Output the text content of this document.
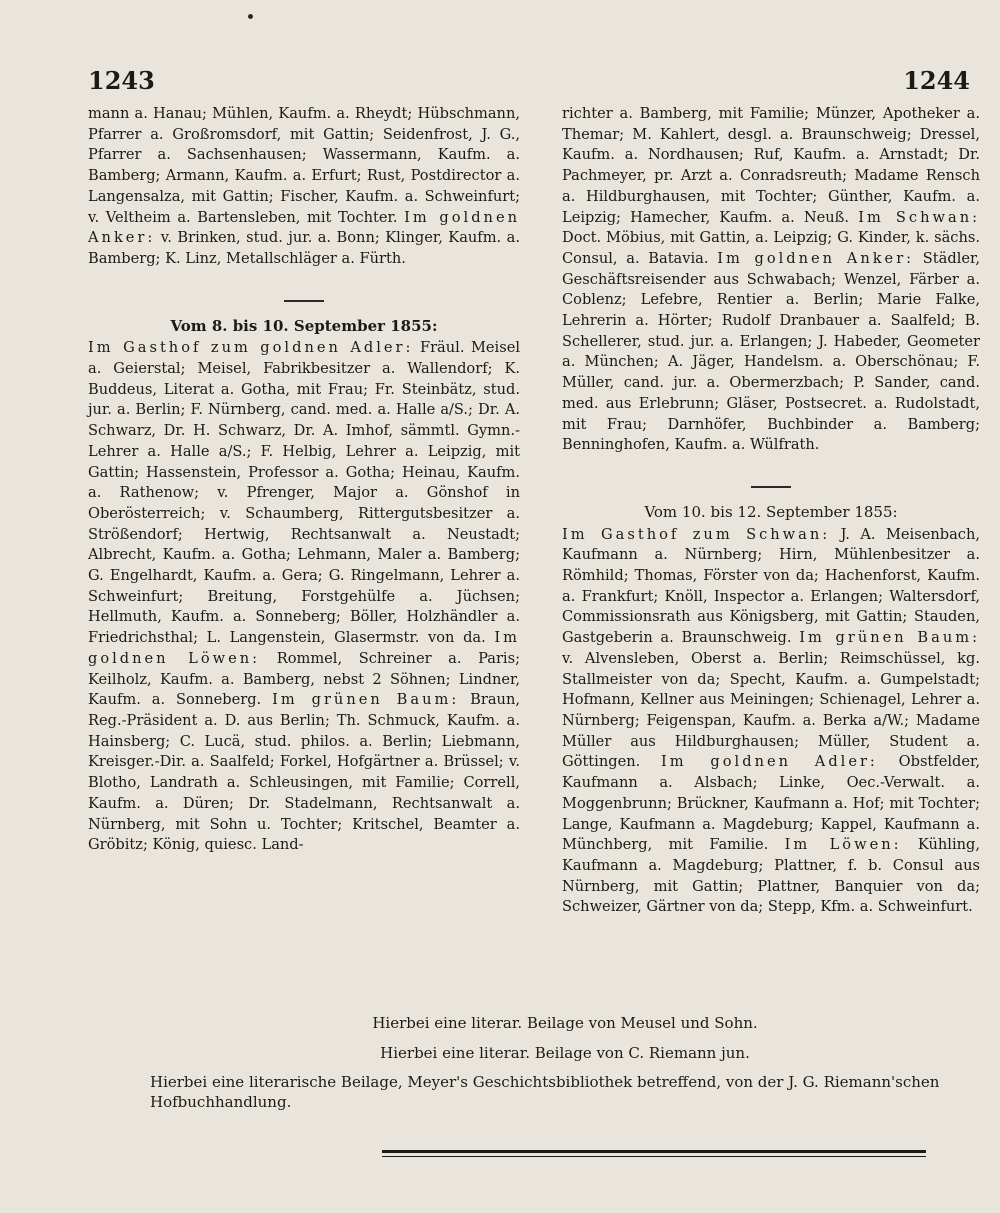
1243	1244

mann a. Hanau; Mühlen, Kaufm. a. Rheydt; Hübschmann, Pfarrer a. Großromsdorf, mit Gattin; Seidenfrost, J. G., Pfarrer a. Sachsenhausen; Wassermann, Kaufm. a. Bamberg; Armann, Kaufm. a. Erfurt; Rust, Postdirector a. Langensalza, mit Gattin; Fischer, Kaufm. a. Schweinfurt; v. Veltheim a. Bartensleben, mit Tochter. Im goldnen Anker: v. Brinken, stud. jur. a. Bonn; Klinger, Kaufm. a. Bamberg; K. Linz, Metallschläger a. Fürth.

Vom 8. bis 10. September 1855:

Im Gasthof zum goldnen Adler: Fräul. Meisel a. Geierstal; Meisel, Fabrikbesitzer a. Wallendorf; K. Buddeus, Literat a. Gotha, mit Frau; Fr. Steinbätz, stud. jur. a. Berlin; F. Nürnberg, cand. med. a. Halle a/S.; Dr. A. Schwarz, Dr. H. Schwarz, Dr. A. Imhof, sämmtl. Gymn.-Lehrer a. Halle a/S.; F. Helbig, Lehrer a. Leipzig, mit Gattin; Hassenstein, Professor a. Gotha; Heinau, Kaufm. a. Rathenow; v. Pfrenger, Major a. Gönshof in Oberösterreich; v. Schaumberg, Rittergutsbesitzer a. Strößendorf; Hertwig, Rechtsanwalt a. Neustadt; Albrecht, Kaufm. a. Gotha; Lehmann, Maler a. Bamberg; G. Engelhardt, Kaufm. a. Gera; G. Ringelmann, Lehrer a. Schweinfurt; Breitung, Forstgehülfe a. Jüchsen; Hellmuth, Kaufm. a. Sonneberg; Böller, Holzhändler a. Friedrichsthal; L. Langenstein, Glasermstr. von da. Im goldnen Löwen: Rommel, Schreiner a. Paris; Keilholz, Kaufm. a. Bamberg, nebst 2 Söhnen; Lindner, Kaufm. a. Sonneberg. Im grünen Baum: Braun, Reg.-Präsident a. D. aus Berlin; Th. Schmuck, Kaufm. a. Hainsberg; C. Lucä, stud. philos. a. Berlin; Liebmann, Kreisger.-Dir. a. Saalfeld; Forkel, Hofgärtner a. Brüssel; v. Blotho, Landrath a. Schleusingen, mit Familie; Correll, Kaufm. a. Düren; Dr. Stadelmann, Rechtsanwalt a. Nürnberg, mit Sohn u. Tochter; Kritschel, Beamter a. Gröbitz; König, quiesc. Land-

richter a. Bamberg, mit Familie; Münzer, Apotheker a. Themar; M. Kahlert, desgl. a. Braunschweig; Dressel, Kaufm. a. Nordhausen; Ruf, Kaufm. a. Arnstadt; Dr. Pachmeyer, pr. Arzt a. Conradsreuth; Madame Rensch a. Hildburghausen, mit Tochter; Günther, Kaufm. a. Leipzig; Hamecher, Kaufm. a. Neuß. Im Schwan: Doct. Möbius, mit Gattin, a. Leipzig; G. Kinder, k. sächs. Consul, a. Batavia. Im goldnen Anker: Städler, Geschäftsreisender aus Schwabach; Wenzel, Färber a. Coblenz; Lefebre, Rentier a. Berlin; Marie Falke, Lehrerin a. Hörter; Rudolf Dranbauer a. Saalfeld; B. Schellerer, stud. jur. a. Erlangen; J. Habeder, Geometer a. München; A. Jäger, Handelsm. a. Oberschönau; F. Müller, cand. jur. a. Obermerzbach; P. Sander, cand. med. aus Erlebrunn; Gläser, Postsecret. a. Rudolstadt, mit Frau; Darnhöfer, Buchbinder a. Bamberg; Benninghofen, Kaufm. a. Wülfrath.

Vom 10. bis 12. September 1855:

Im Gasthof zum Schwan: J. A. Meisenbach, Kaufmann a. Nürnberg; Hirn, Mühlenbesitzer a. Römhild; Thomas, Förster von da; Hachenforst, Kaufm. a. Frankfurt; Knöll, Inspector a. Erlangen; Waltersdorf, Commissionsrath aus Königsberg, mit Gattin; Stauden, Gastgeberin a. Braunschweig. Im grünen Baum: v. Alvensleben, Oberst a. Berlin; Reimschüssel, kg. Stallmeister von da; Specht, Kaufm. a. Gumpelstadt; Hofmann, Kellner aus Meiningen; Schienagel, Lehrer a. Nürnberg; Feigenspan, Kaufm. a. Berka a/W.; Madame Müller aus Hildburghausen; Müller, Student a. Göttingen. Im goldnen Adler: Obstfelder, Kaufmann a. Alsbach; Linke, Oec.-Verwalt. a. Moggenbrunn; Brückner, Kaufmann a. Hof; mit Tochter; Lange, Kaufmann a. Magdeburg; Kappel, Kaufmann a. Münchberg, mit Familie. Im Löwen: Kühling, Kaufmann a. Magdeburg; Plattner, f. b. Consul aus Nürnberg, mit Gattin; Plattner, Banquier von da; Schweizer, Gärtner von da; Stepp, Kfm. a. Schweinfurt.

Hierbei eine literar. Beilage von Meusel und Sohn.
Hierbei eine literar. Beilage von C. Riemann jun.
Hierbei eine literarische Beilage, Meyer's Geschichtsbibliothek betreffend, von der J. G. Riemann'schen Hofbuchhandlung.
